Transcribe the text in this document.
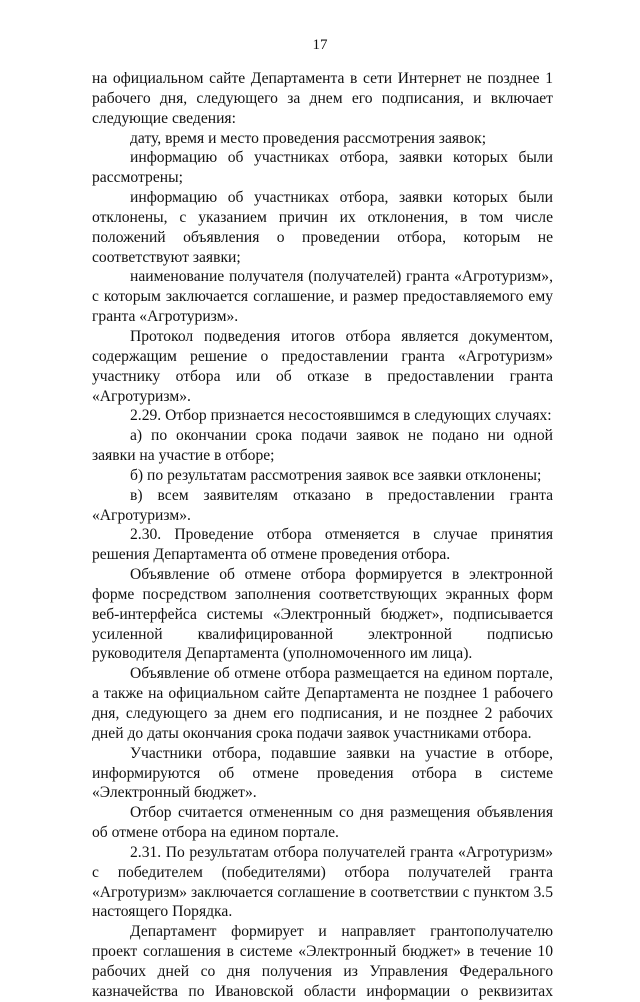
17

на официальном сайте Департамента в сети Интернет не позднее 1 рабочего дня, следующего за днем его подписания, и включает следующие сведения:

дату, время и место проведения рассмотрения заявок;

информацию об участниках отбора, заявки которых были рассмотрены;

информацию об участниках отбора, заявки которых были отклонены, с указанием причин их отклонения, в том числе положений объявления о проведении отбора, которым не соответствуют заявки;

наименование получателя (получателей) гранта «Агротуризм», с которым заключается соглашение, и размер предоставляемого ему гранта «Агротуризм».

Протокол подведения итогов отбора является документом, содержащим решение о предоставлении гранта «Агротуризм» участнику отбора или об отказе в предоставлении гранта «Агротуризм».

2.29. Отбор признается несостоявшимся в следующих случаях:

а) по окончании срока подачи заявок не подано ни одной заявки на участие в отборе;

б) по результатам рассмотрения заявок все заявки отклонены;

в) всем заявителям отказано в предоставлении гранта «Агротуризм».

2.30. Проведение отбора отменяется в случае принятия решения Департамента об отмене проведения отбора.

Объявление об отмене отбора формируется в электронной форме посредством заполнения соответствующих экранных форм веб-интерфейса системы «Электронный бюджет», подписывается усиленной квалифицированной электронной подписью руководителя Департамента (уполномоченного им лица).

Объявление об отмене отбора размещается на едином портале, а также на официальном сайте Департамента не позднее 1 рабочего дня, следующего за днем его подписания, и не позднее 2 рабочих дней до даты окончания срока подачи заявок участниками отбора.

Участники отбора, подавшие заявки на участие в отборе, информируются об отмене проведения отбора в системе «Электронный бюджет».

Отбор считается отмененным со дня размещения объявления об отмене отбора на едином портале.

2.31. По результатам отбора получателей гранта «Агротуризм» с победителем (победителями) отбора получателей гранта «Агротуризм» заключается соглашение в соответствии с пунктом 3.5 настоящего Порядка.

Департамент формирует и направляет грантополучателю проект соглашения в системе «Электронный бюджет» в течение 10 рабочих дней со дня получения из Управления Федерального казначейства по Ивановской области информации о реквизитах
